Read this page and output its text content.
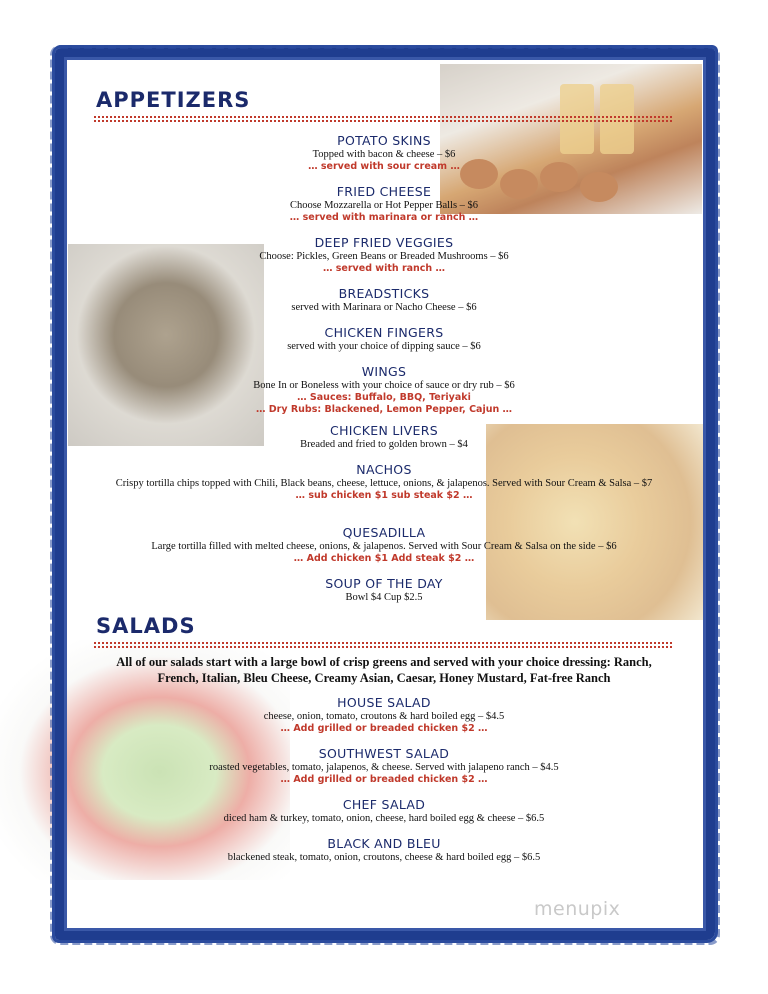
APPETIZERS
POTATO SKINS
Topped with bacon & cheese – $6
… served with sour cream …
FRIED CHEESE
Choose Mozzarella or Hot Pepper Balls – $6
… served with marinara or ranch …
DEEP FRIED VEGGIES
Choose: Pickles, Green Beans or Breaded Mushrooms – $6
… served with ranch …
BREADSTICKS
served with Marinara or Nacho Cheese – $6
CHICKEN FINGERS
served with your choice of dipping sauce – $6
WINGS
Bone In or Boneless with your choice of sauce or dry rub – $6
… Sauces: Buffalo, BBQ, Teriyaki
… Dry Rubs: Blackened, Lemon Pepper, Cajun …
CHICKEN LIVERS
Breaded and fried to golden brown – $4
NACHOS
Crispy tortilla chips topped with Chili, Black beans, cheese, lettuce, onions, & jalapenos. Served with Sour Cream & Salsa – $7
… sub chicken $1 sub steak $2 …
QUESADILLA
Large tortilla filled with melted cheese, onions, & jalapenos. Served with Sour Cream & Salsa on the side – $6
… Add chicken $1 Add steak $2 …
SOUP OF THE DAY
Bowl $4 Cup $2.5
SALADS
All of our salads start with a large bowl of crisp greens and served with your choice dressing: Ranch, French, Italian, Bleu Cheese, Creamy Asian, Caesar, Honey Mustard, Fat-free Ranch
HOUSE SALAD
cheese, onion, tomato, croutons & hard boiled egg – $4.5
… Add grilled or breaded chicken $2 …
SOUTHWEST SALAD
roasted vegetables, tomato, jalapenos, & cheese. Served with jalapeno ranch – $4.5
… Add grilled or breaded chicken $2 …
CHEF SALAD
diced ham & turkey, tomato, onion, cheese, hard boiled egg & cheese – $6.5
BLACK AND BLEU
blackened steak, tomato, onion, croutons, cheese & hard boiled egg – $6.5
menupix
